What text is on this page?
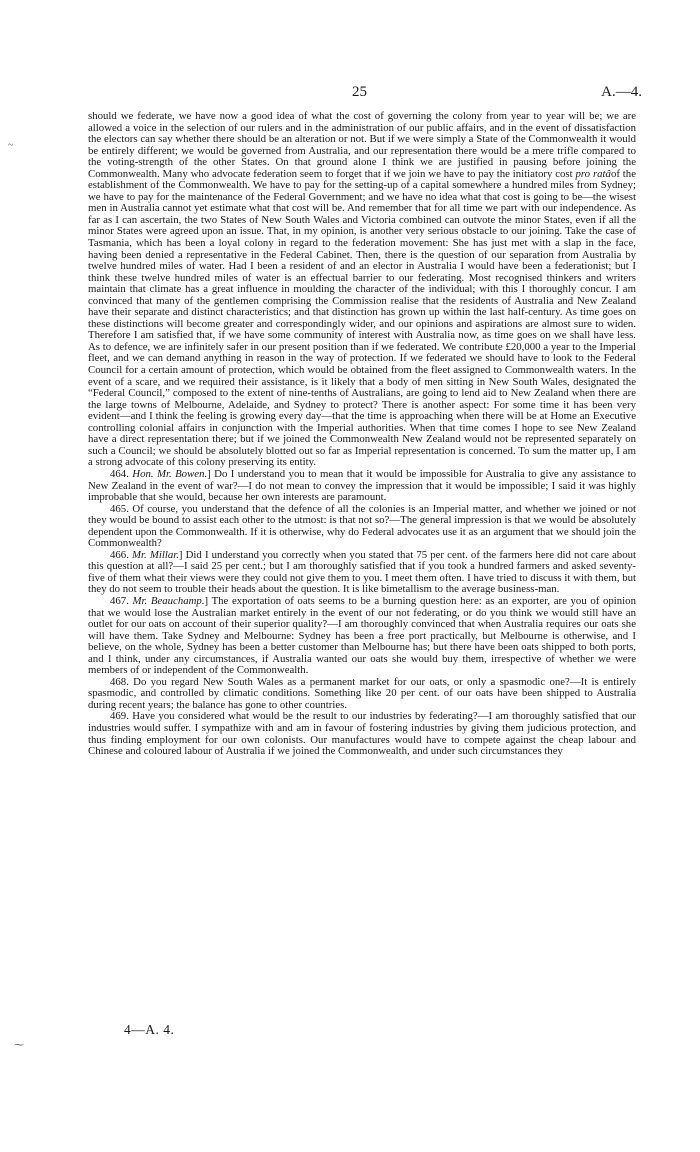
25	A.—4.
~
⁓

should we federate, we have now a good idea of what the cost of governing the colony from year to year will be; we are allowed a voice in the selection of our rulers and in the administration of our public affairs, and in the event of dissatisfaction the electors can say whether there should be an alteration or not. But if we were simply a State of the Commonwealth it would be entirely different; we would be governed from Australia, and our representation there would be a mere trifle compared to the voting-strength of the other States. On that ground alone I think we are justified in pausing before joining the Commonwealth. Many who advocate federation seem to forget that if we join we have to pay the initiatory cost pro ratâof the establishment of the Commonwealth. We have to pay for the setting-up of a capital somewhere a hundred miles from Sydney; we have to pay for the maintenance of the Federal Government; and we have no idea what that cost is going to be—the wisest men in Australia cannot yet estimate what that cost will be. And remember that for all time we part with our independence. As far as I can ascertain, the two States of New South Wales and Victoria combined can outvote the minor States, even if all the minor States were agreed upon an issue. That, in my opinion, is another very serious obstacle to our joining. Take the case of Tasmania, which has been a loyal colony in regard to the federation movement: She has just met with a slap in the face, having been denied a representative in the Federal Cabinet. Then, there is the question of our separation from Australia by twelve hundred miles of water. Had I been a resident of and an elector in Australia I would have been a federationist; but I think these twelve hundred miles of water is an effectual barrier to our federating. Most recognised thinkers and writers maintain that climate has a great influence in moulding the character of the individual; with this I thoroughly concur. I am convinced that many of the gentlemen comprising the Commission realise that the residents of Australia and New Zealand have their separate and distinct characteristics; and that distinction has grown up within the last half-century. As time goes on these distinctions will become greater and correspondingly wider, and our opinions and aspirations are almost sure to widen. Therefore I am satisfied that, if we have some community of interest with Australia now, as time goes on we shall have less. As to defence, we are infinitely safer in our present position than if we federated. We contribute £20,000 a year to the Imperial fleet, and we can demand anything in reason in the way of protection. If we federated we should have to look to the Federal Council for a certain amount of protection, which would be obtained from the fleet assigned to Commonwealth waters. In the event of a scare, and we required their assistance, is it likely that a body of men sitting in New South Wales, designated the “Federal Council,” composed to the extent of nine-tenths of Australians, are going to lend aid to New Zealand when there are the large towns of Melbourne, Adelaide, and Sydney to protect? There is another aspect: For some time it has been very evident—and I think the feeling is growing every day—that the time is approaching when there will be at Home an Executive controlling colonial affairs in conjunction with the Imperial authorities. When that time comes I hope to see New Zealand have a direct representation there; but if we joined the Commonwealth New Zealand would not be represented separately on such a Council; we should be absolutely blotted out so far as Imperial representation is concerned. To sum the matter up, I am a strong advocate of this colony preserving its entity.

464. Hon. Mr. Bowen.] Do I understand you to mean that it would be impossible for Australia to give any assistance to New Zealand in the event of war?—I do not mean to convey the impression that it would be impossible; I said it was highly improbable that she would, because her own interests are paramount.

465. Of course, you understand that the defence of all the colonies is an Imperial matter, and whether we joined or not they would be bound to assist each other to the utmost: is that not so?—The general impression is that we would be absolutely dependent upon the Commonwealth. If it is otherwise, why do Federal advocates use it as an argument that we should join the Commonwealth?

466. Mr. Millar.] Did I understand you correctly when you stated that 75 per cent. of the farmers here did not care about this question at all?—I said 25 per cent.; but I am thoroughly satisfied that if you took a hundred farmers and asked seventy-five of them what their views were they could not give them to you. I meet them often. I have tried to discuss it with them, but they do not seem to trouble their heads about the question. It is like bimetallism to the average business-man.

467. Mr. Beauchamp.] The exportation of oats seems to be a burning question here: as an exporter, are you of opinion that we would lose the Australian market entirely in the event of our not federating, or do you think we would still have an outlet for our oats on account of their superior quality?—I am thoroughly convinced that when Australia requires our oats she will have them. Take Sydney and Melbourne: Sydney has been a free port practically, but Melbourne is otherwise, and I believe, on the whole, Sydney has been a better customer than Melbourne has; but there have been oats shipped to both ports, and I think, under any circumstances, if Australia wanted our oats she would buy them, irrespective of whether we were members of or independent of the Commonwealth.

468. Do you regard New South Wales as a permanent market for our oats, or only a spasmodic one?—It is entirely spasmodic, and controlled by climatic conditions. Something like 20 per cent. of our oats have been shipped to Australia during recent years; the balance has gone to other countries.

469. Have you considered what would be the result to our industries by federating?—I am thoroughly satisfied that our industries would suffer. I sympathize with and am in favour of fostering industries by giving them judicious protection, and thus finding employment for our own colonists. Our manufactures would have to compete against the cheap labour and Chinese and coloured labour of Australia if we joined the Commonwealth, and under such circumstances they

4—A. 4.
